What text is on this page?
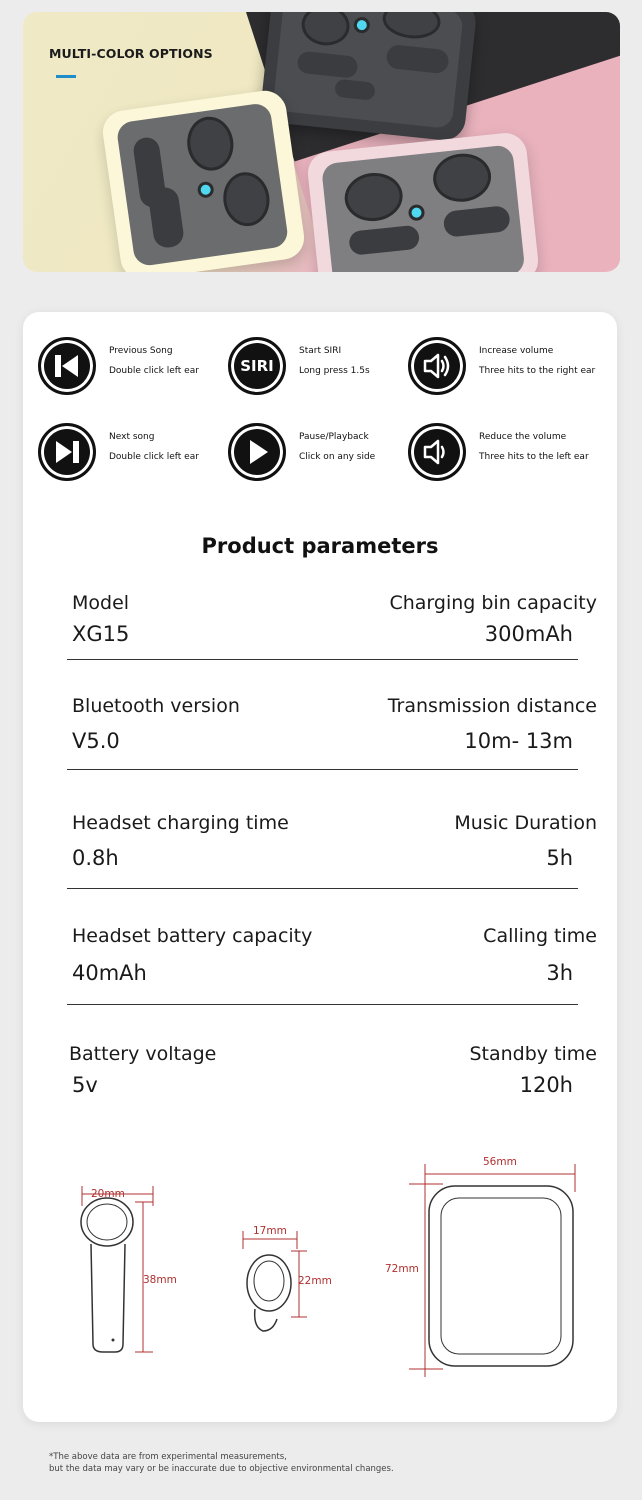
MULTI-COLOR OPTIONS
Previous Song
Double click left ear	SIRI
Start SIRI
Long press 1.5s
Increase volume
Three hits to the right ear
Next song
Double click left ear
Pause/Playback
Click on any side
Reduce the volume
Three hits to the left ear
Product parameters
Model	Charging bin capacity
XG15	300mAh
Bluetooth version	Transmission distance
V5.0	10m- 13m
Headset charging time	Music Duration
0.8h	5h
Headset battery capacity	Calling time
40mAh	3h
Battery voltage	Standby time
5v	120h
20mm
38mm
17mm
22mm
56mm
72mm
*The above data are from experimental measurements,
but the data may vary or be inaccurate due to objective environmental changes.
